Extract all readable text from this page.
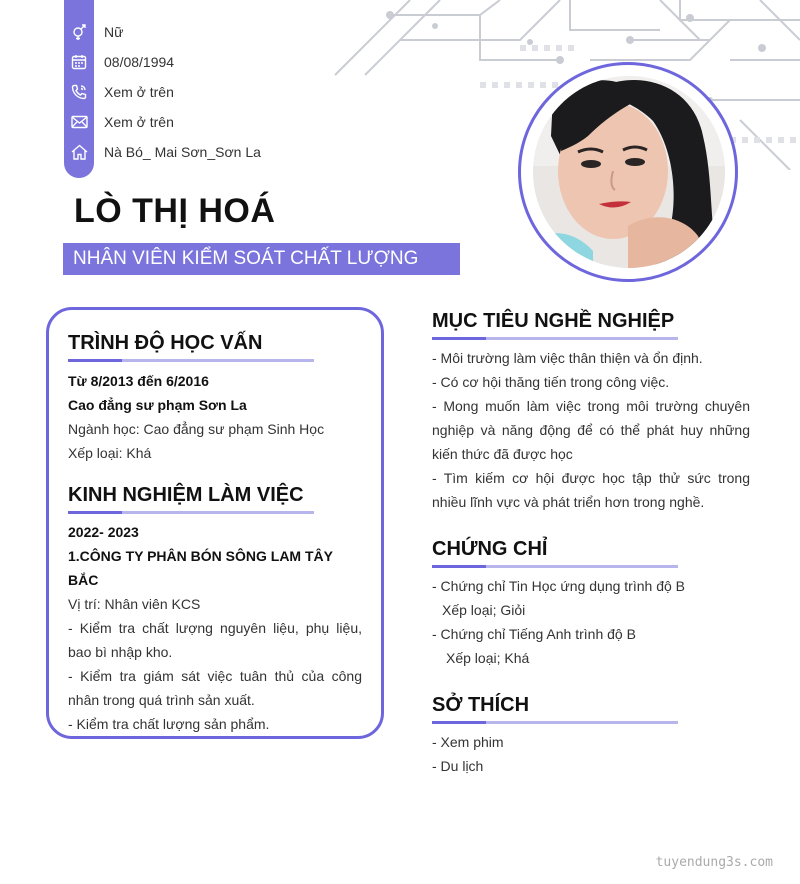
Nữ
08/08/1994
Xem ở trên
Xem ở trên
Nà Bó_ Mai Sơn_Sơn La
LÒ THỊ HOÁ
NHÂN VIÊN KIỂM SOÁT CHẤT LƯỢNG
TRÌNH ĐỘ HỌC VẤN
Từ 8/2013 đến 6/2016
Cao đẳng sư phạm Sơn La
Ngành học: Cao đẳng sư phạm Sinh Học
Xếp loại: Khá
KINH NGHIỆM LÀM VIỆC
2022- 2023
1.CÔNG TY PHÂN BÓN SÔNG LAM TÂY BẮC
Vị trí: Nhân viên KCS
- Kiểm tra chất lượng nguyên liệu, phụ liệu, bao bì nhập kho.
- Kiểm tra giám sát việc tuân thủ của công nhân trong quá trình sản xuất.
- Kiểm tra chất lượng sản phẩm.
MỤC TIÊU NGHỀ NGHIỆP
- Môi trường làm việc thân thiện và ổn định.
- Có cơ hội thăng tiến trong công việc.
- Mong muốn làm việc trong môi trường chuyên nghiệp và năng động để có thể phát huy những kiến thức đã được học
- Tìm kiếm cơ hội được học tập thử sức trong nhiều lĩnh vực và phát triển hơn trong nghề.
CHỨNG CHỈ
- Chứng chỉ Tin Học ứng dụng trình độ B
Xếp loại; Giỏi
- Chứng chỉ Tiếng Anh trình độ B
Xếp loại; Khá
SỞ THÍCH
- Xem phim
- Du lịch
tuyendung3s.com
